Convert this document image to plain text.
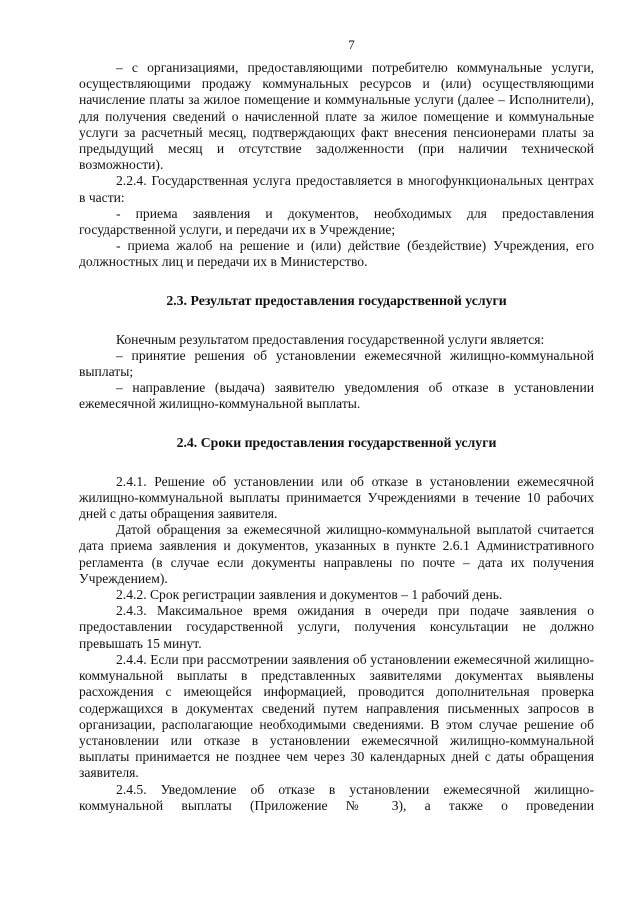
7

– с организациями, предоставляющими потребителю коммунальные услуги, осуществляющими продажу коммунальных ресурсов и (или) осуществляющими начисление платы за жилое помещение и коммунальные услуги (далее – Исполнители), для получения сведений о начисленной плате за жилое помещение и коммунальные услуги за расчетный месяц, подтверждающих факт внесения пенсионерами платы за предыдущий месяц и отсутствие задолженности (при наличии технической возможности).

2.2.4. Государственная услуга предоставляется в многофункциональных центрах в части:

- приема заявления и документов, необходимых для предоставления государственной услуги, и передачи их в Учреждение;

- приема жалоб на решение и (или) действие (бездействие) Учреждения, его должностных лиц и передачи их в Министерство.

2.3. Результат предоставления государственной услуги

Конечным результатом предоставления государственной услуги является:

– принятие решения об установлении ежемесячной жилищно-коммунальной выплаты;

– направление (выдача) заявителю уведомления об отказе в установлении ежемесячной жилищно-коммунальной выплаты.

2.4. Сроки предоставления государственной услуги

2.4.1. Решение об установлении или об отказе в установлении ежемесячной жилищно-коммунальной выплаты принимается Учреждениями в течение 10 рабочих дней с даты обращения заявителя.

Датой обращения за ежемесячной жилищно-коммунальной выплатой считается дата приема заявления и документов, указанных в пункте 2.6.1 Административного регламента (в случае если документы направлены по почте – дата их получения Учреждением).

2.4.2. Срок регистрации заявления и документов – 1 рабочий день.

2.4.3. Максимальное время ожидания в очереди при подаче заявления о предоставлении государственной услуги, получения консультации не должно превышать 15 минут.

2.4.4. Если при рассмотрении заявления об установлении ежемесячной жилищно-коммунальной выплаты в представленных заявителями документах выявлены расхождения с имеющейся информацией, проводится дополнительная проверка содержащихся в документах сведений путем направления письменных запросов в организации, располагающие необходимыми сведениями. В этом случае решение об установлении или отказе в установлении ежемесячной жилищно-коммунальной выплаты принимается не позднее чем через 30 календарных дней с даты обращения заявителя.

2.4.5. Уведомление об отказе в установлении ежемесячной жилищно-коммунальной выплаты (Приложение № 3), а также о проведении
